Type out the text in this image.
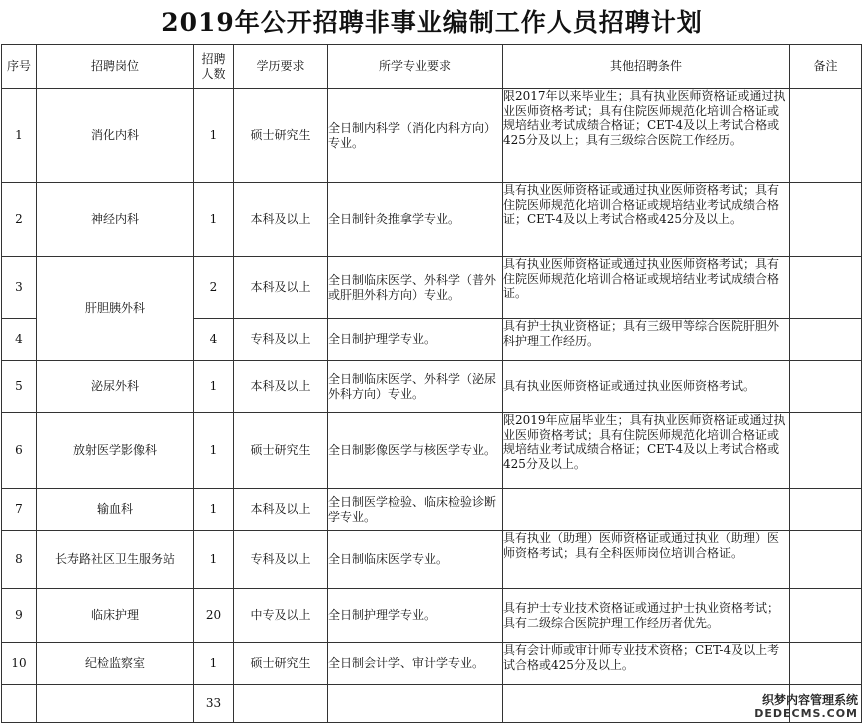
2019年公开招聘非事业编制工作人员招聘计划
序号	招聘岗位	招聘
人数	学历要求	所学专业要求	其他招聘条件	备注
1	消化内科	1	硕士研究生	全日制内科学（消化内科方向）专业。	限2017年以来毕业生；具有执业医师资格证或通过执业医师资格考试；具有住院医师规范化培训合格证或规培结业考试成绩合格证；CET-4及以上考试合格或425分及以上；具有三级综合医院工作经历。	
2	神经内科	1	本科及以上	全日制针灸推拿学专业。	具有执业医师资格证或通过执业医师资格考试；具有住院医师规范化培训合格证或规培结业考试成绩合格证；CET-4及以上考试合格或425分及以上。	
3	肝胆胰外科	2	本科及以上	全日制临床医学、外科学（普外或肝胆外科方向）专业。	具有执业医师资格证或通过执业医师资格考试；具有住院医师规范化培训合格证或规培结业考试成绩合格证。	
4		4	专科及以上	全日制护理学专业。	具有护士执业资格证；具有三级甲等综合医院肝胆外科护理工作经历。	
5	泌尿外科	1	本科及以上	全日制临床医学、外科学（泌尿外科方向）专业。	具有执业医师资格证或通过执业医师资格考试。	
6	放射医学影像科	1	硕士研究生	全日制影像医学与核医学专业。	限2019年应届毕业生；具有执业医师资格证或通过执业医师资格考试；具有住院医师规范化培训合格证或规培结业考试成绩合格证；CET-4及以上考试合格或425分及以上。	
7	输血科	1	本科及以上	全日制医学检验、临床检验诊断学专业。		
8	长寿路社区卫生服务站	1	专科及以上	全日制临床医学专业。	具有执业（助理）医师资格证或通过执业（助理）医师资格考试；具有全科医师岗位培训合格证。	
9	临床护理	20	中专及以上	全日制护理学专业。	具有护士专业技术资格证或通过护士执业资格考试；具有二级综合医院护理工作经历者优先。	
10	纪检监察室	1	硕士研究生	全日制会计学、审计学专业。	具有会计师或审计师专业技术资格；CET-4及以上考试合格或425分及以上。	
		33					织梦内容管理系统
DEDECMS.COM
